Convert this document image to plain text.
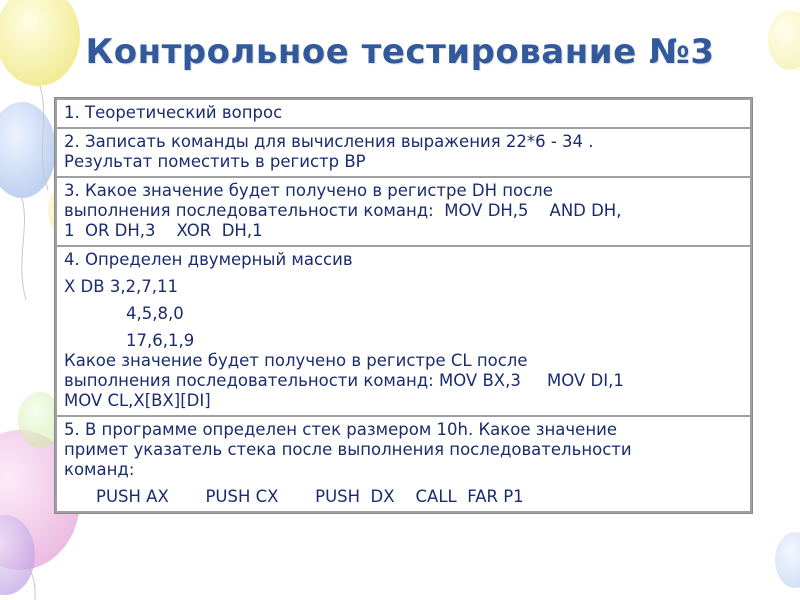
Контрольное тестирование №3
1. Теоретический вопрос

2. Записать команды для вычисления выражения 22*6 - 34 .
Результат поместить в регистр BP

3. Какое значение будет получено в регистре DH после
выполнения последовательности команд:  MOV DH,5    AND DH,
1  OR DH,3    XOR  DH,1

4. Определен двумерный массив
X DB 3,2,7,11
4,5,8,0
17,6,1,9
Какое значение будет получено в регистре CL после
выполнения последовательности команд: MOV BX,3     MOV DI,1
MOV CL,X[BX][DI]

5. В программе определен стек размером 10h. Какое значение
примет указатель стека после выполнения последовательности
команд:
PUSH AX       PUSH CX       PUSH  DX    CALL  FAR P1
